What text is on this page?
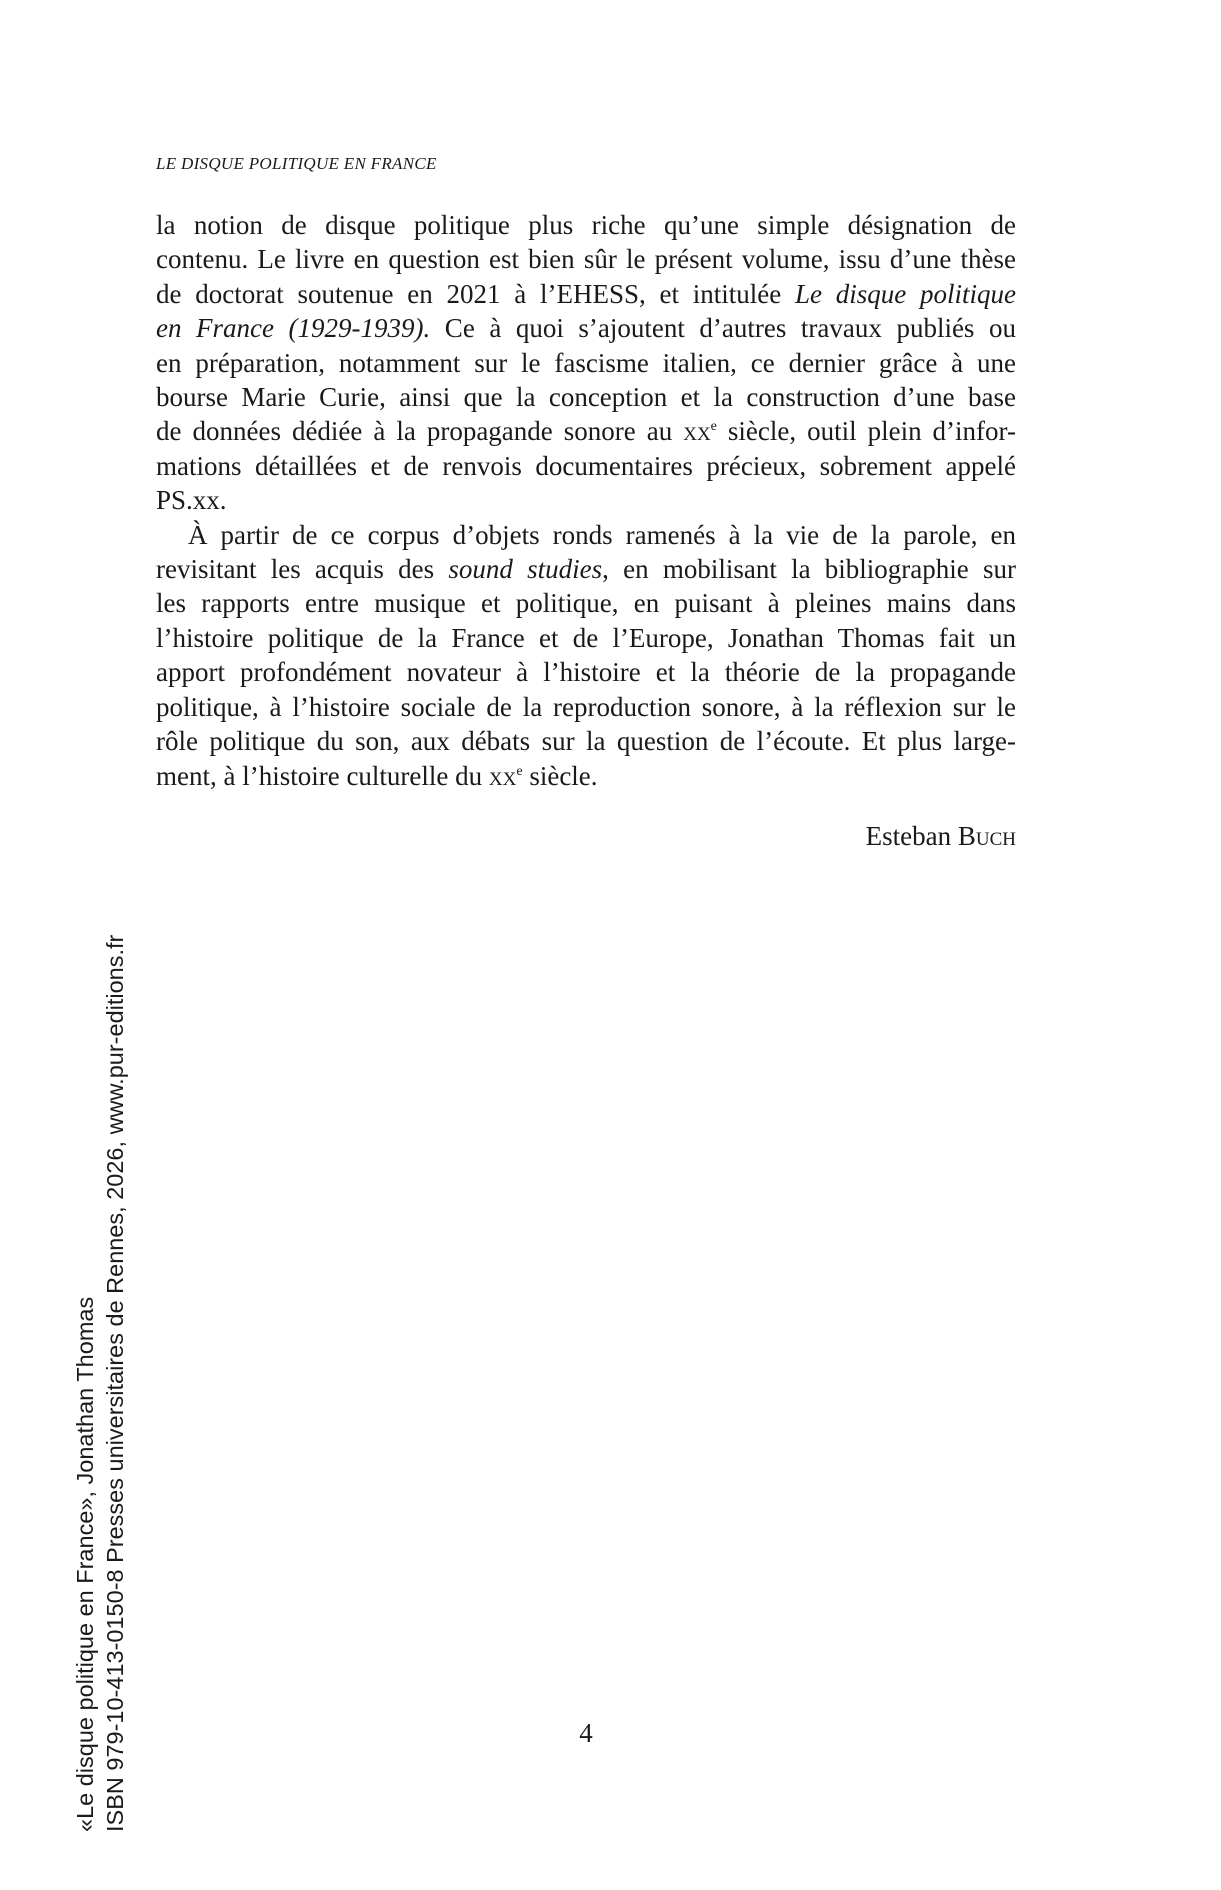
LE DISQUE POLITIQUE EN FRANCE

la notion de disque politique plus riche qu’une simple désignation de
contenu. Le livre en question est bien sûr le présent volume, issu d’une thèse
de doctorat soutenue en 2021 à l’EHESS, et intitulée Le disque politique
en France (1929-1939). Ce à quoi s’ajoutent d’autres travaux publiés ou
en préparation, notamment sur le fascisme italien, ce dernier grâce à une
bourse Marie Curie, ainsi que la conception et la construction d’une base
de données dédiée à la propagande sonore au $xx^e$ siècle, outil plein d’infor-
mations détaillées et de renvois documentaires précieux, sobrement appelé
PS.xx.

À partir de ce corpus d’objets ronds ramenés à la vie de la parole, en
revisitant les acquis des sound studies, en mobilisant la bibliographie sur
les rapports entre musique et politique, en puisant à pleines mains dans
l’histoire politique de la France et de l’Europe, Jonathan Thomas fait un
apport profondément novateur à l’histoire et la théorie de la propagande
politique, à l’histoire sociale de la reproduction sonore, à la réflexion sur le
rôle politique du son, aux débats sur la question de l’écoute. Et plus large-
ment, à l’histoire culturelle du $xx^e$ siècle.

Esteban Buch
4
«Le disque politique en France», Jonathan Thomas ISBN 979-10-413-0150-8 Presses universitaires de Rennes, 2026, www.pur-editions.fr
